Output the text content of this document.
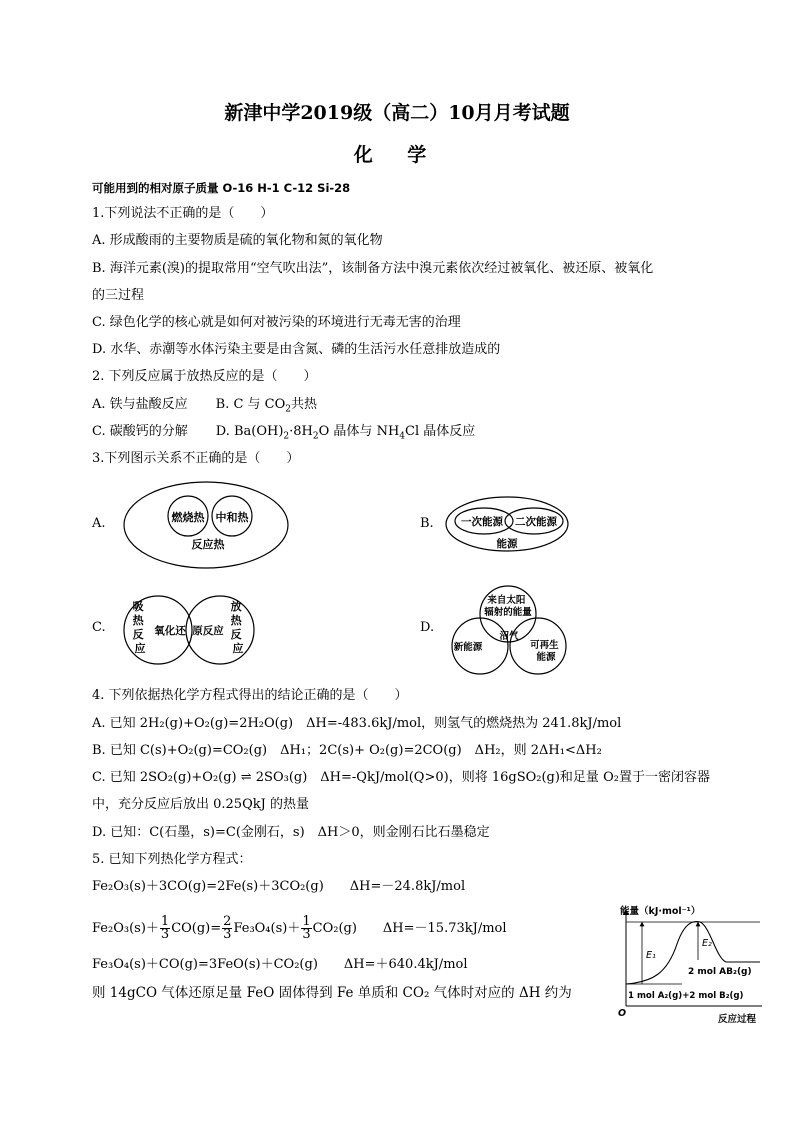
新津中学2019级（高二）10月月考试题
化 学
可能用到的相对原子质量 O-16 H-1 C-12 Si-28
1.下列说法不正确的是（　　）
A. 形成酸雨的主要物质是硫的氧化物和氮的氧化物
B. 海洋元素(溴)的提取常用“空气吹出法”，该制备方法中溴元素依次经过被氧化、被还原、被氧化
的三过程
C. 绿色化学的核心就是如何对被污染的环境进行无毒无害的治理
D. 水华、赤潮等水体污染主要是由含氮、磷的生活污水任意排放造成的
2. 下列反应属于放热反应的是（　　）
A. 铁与盐酸反应 B. C 与 $CO_2$共热
C. 碳酸钙的分解 D. $Ba(OH)_2\cdot 8H_2O$ 晶体与 $NH_4Cl$ 晶体反应
3.下列图示关系不正确的是（　　）
A.	燃烧热 中和热
反应热
B.	一次能源 二次能源
能源
C.
吸 热 反 应
氧化还 原反应
放 热 反 应
D.
来自太阳 辐射的能量
新能源
沼气
可再生 能源
4. 下列依据热化学方程式得出的结论正确的是（　　）
A. 已知 2H₂(g)+O₂(g)=2H₂O(g)　ΔH=-483.6kJ/mol，则氢气的燃烧热为 241.8kJ/mol
B. 已知 C(s)+O₂(g)=CO₂(g)　ΔH₁；2C(s)+ O₂(g)=2CO(g)　ΔH₂，则 2ΔH₁<ΔH₂
C. 已知 2SO₂(g)+O₂(g) ⇌ 2SO₃(g)　ΔH=-QkJ/mol(Q>0)，则将 16gSO₂(g)和足量 O₂置于一密闭容器
中，充分反应后放出 0.25QkJ 的热量
D. 已知：C(石墨，s)=C(金刚石，s)　ΔH＞0，则金刚石比石墨稳定
5. 已知下列热化学方程式：
Fe₂O₃(s)＋3CO(g)=2Fe(s)＋3CO₂(g)　　ΔH=－24.8kJ/mol
$Fe_2O_3(s)+ \frac{1}{3} CO(g)= \frac{2}{3} Fe_3O_4(s)+ \frac{1}{3} CO_2(g)$　　ΔH=－15.73kJ/mol
Fe₃O₄(s)＋CO(g)=3FeO(s)＋CO₂(g)　　ΔH=＋640.4kJ/mol
则 14gCO 气体还原足量 FeO 固体得到 Fe 单质和 CO₂ 气体时对应的 ΔH 约为
能量（kJ·mol⁻¹）
反应过程
O
E₁
E₂
2 mol AB₂(g)
1 mol A₂(g)+2 mol B₂(g)
